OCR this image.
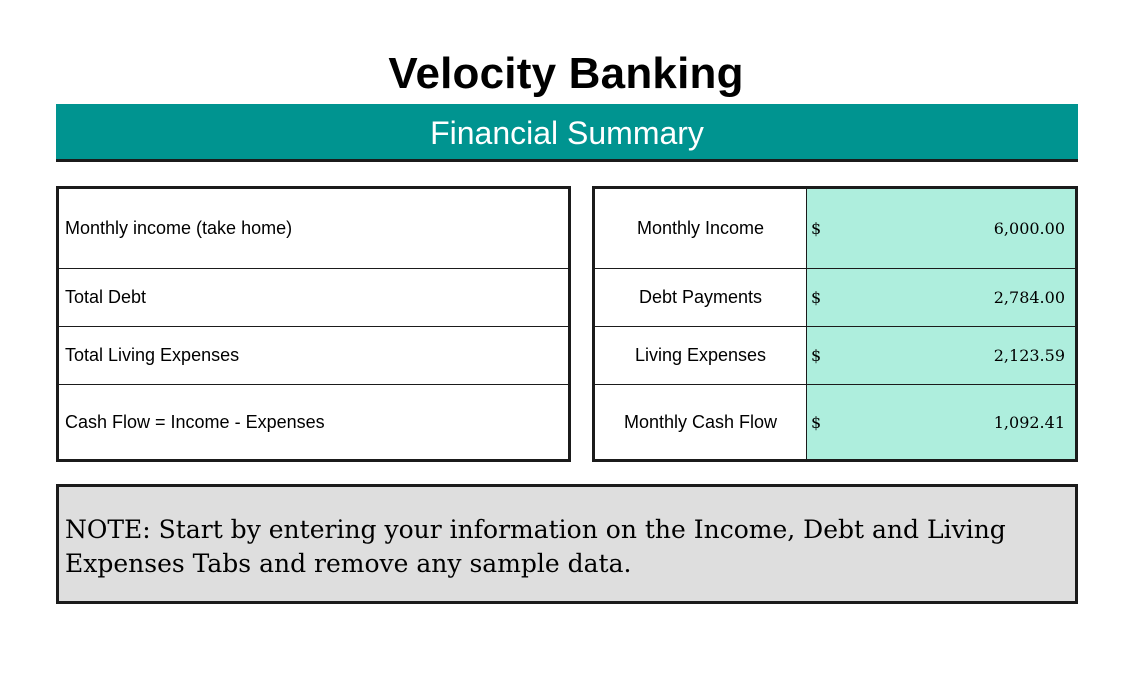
Velocity Banking
Financial Summary
Monthly income (take home)
Total Debt
Total Living Expenses
Cash Flow = Income - Expenses
Monthly Income	$ 6,000.00

Debt Payments	$ 2,784.00

Living Expenses	$ 2,123.59

Monthly Cash Flow	$ 1,092.41
NOTE: Start by entering your information on the Income, Debt and Living Expenses Tabs and remove any sample data.
